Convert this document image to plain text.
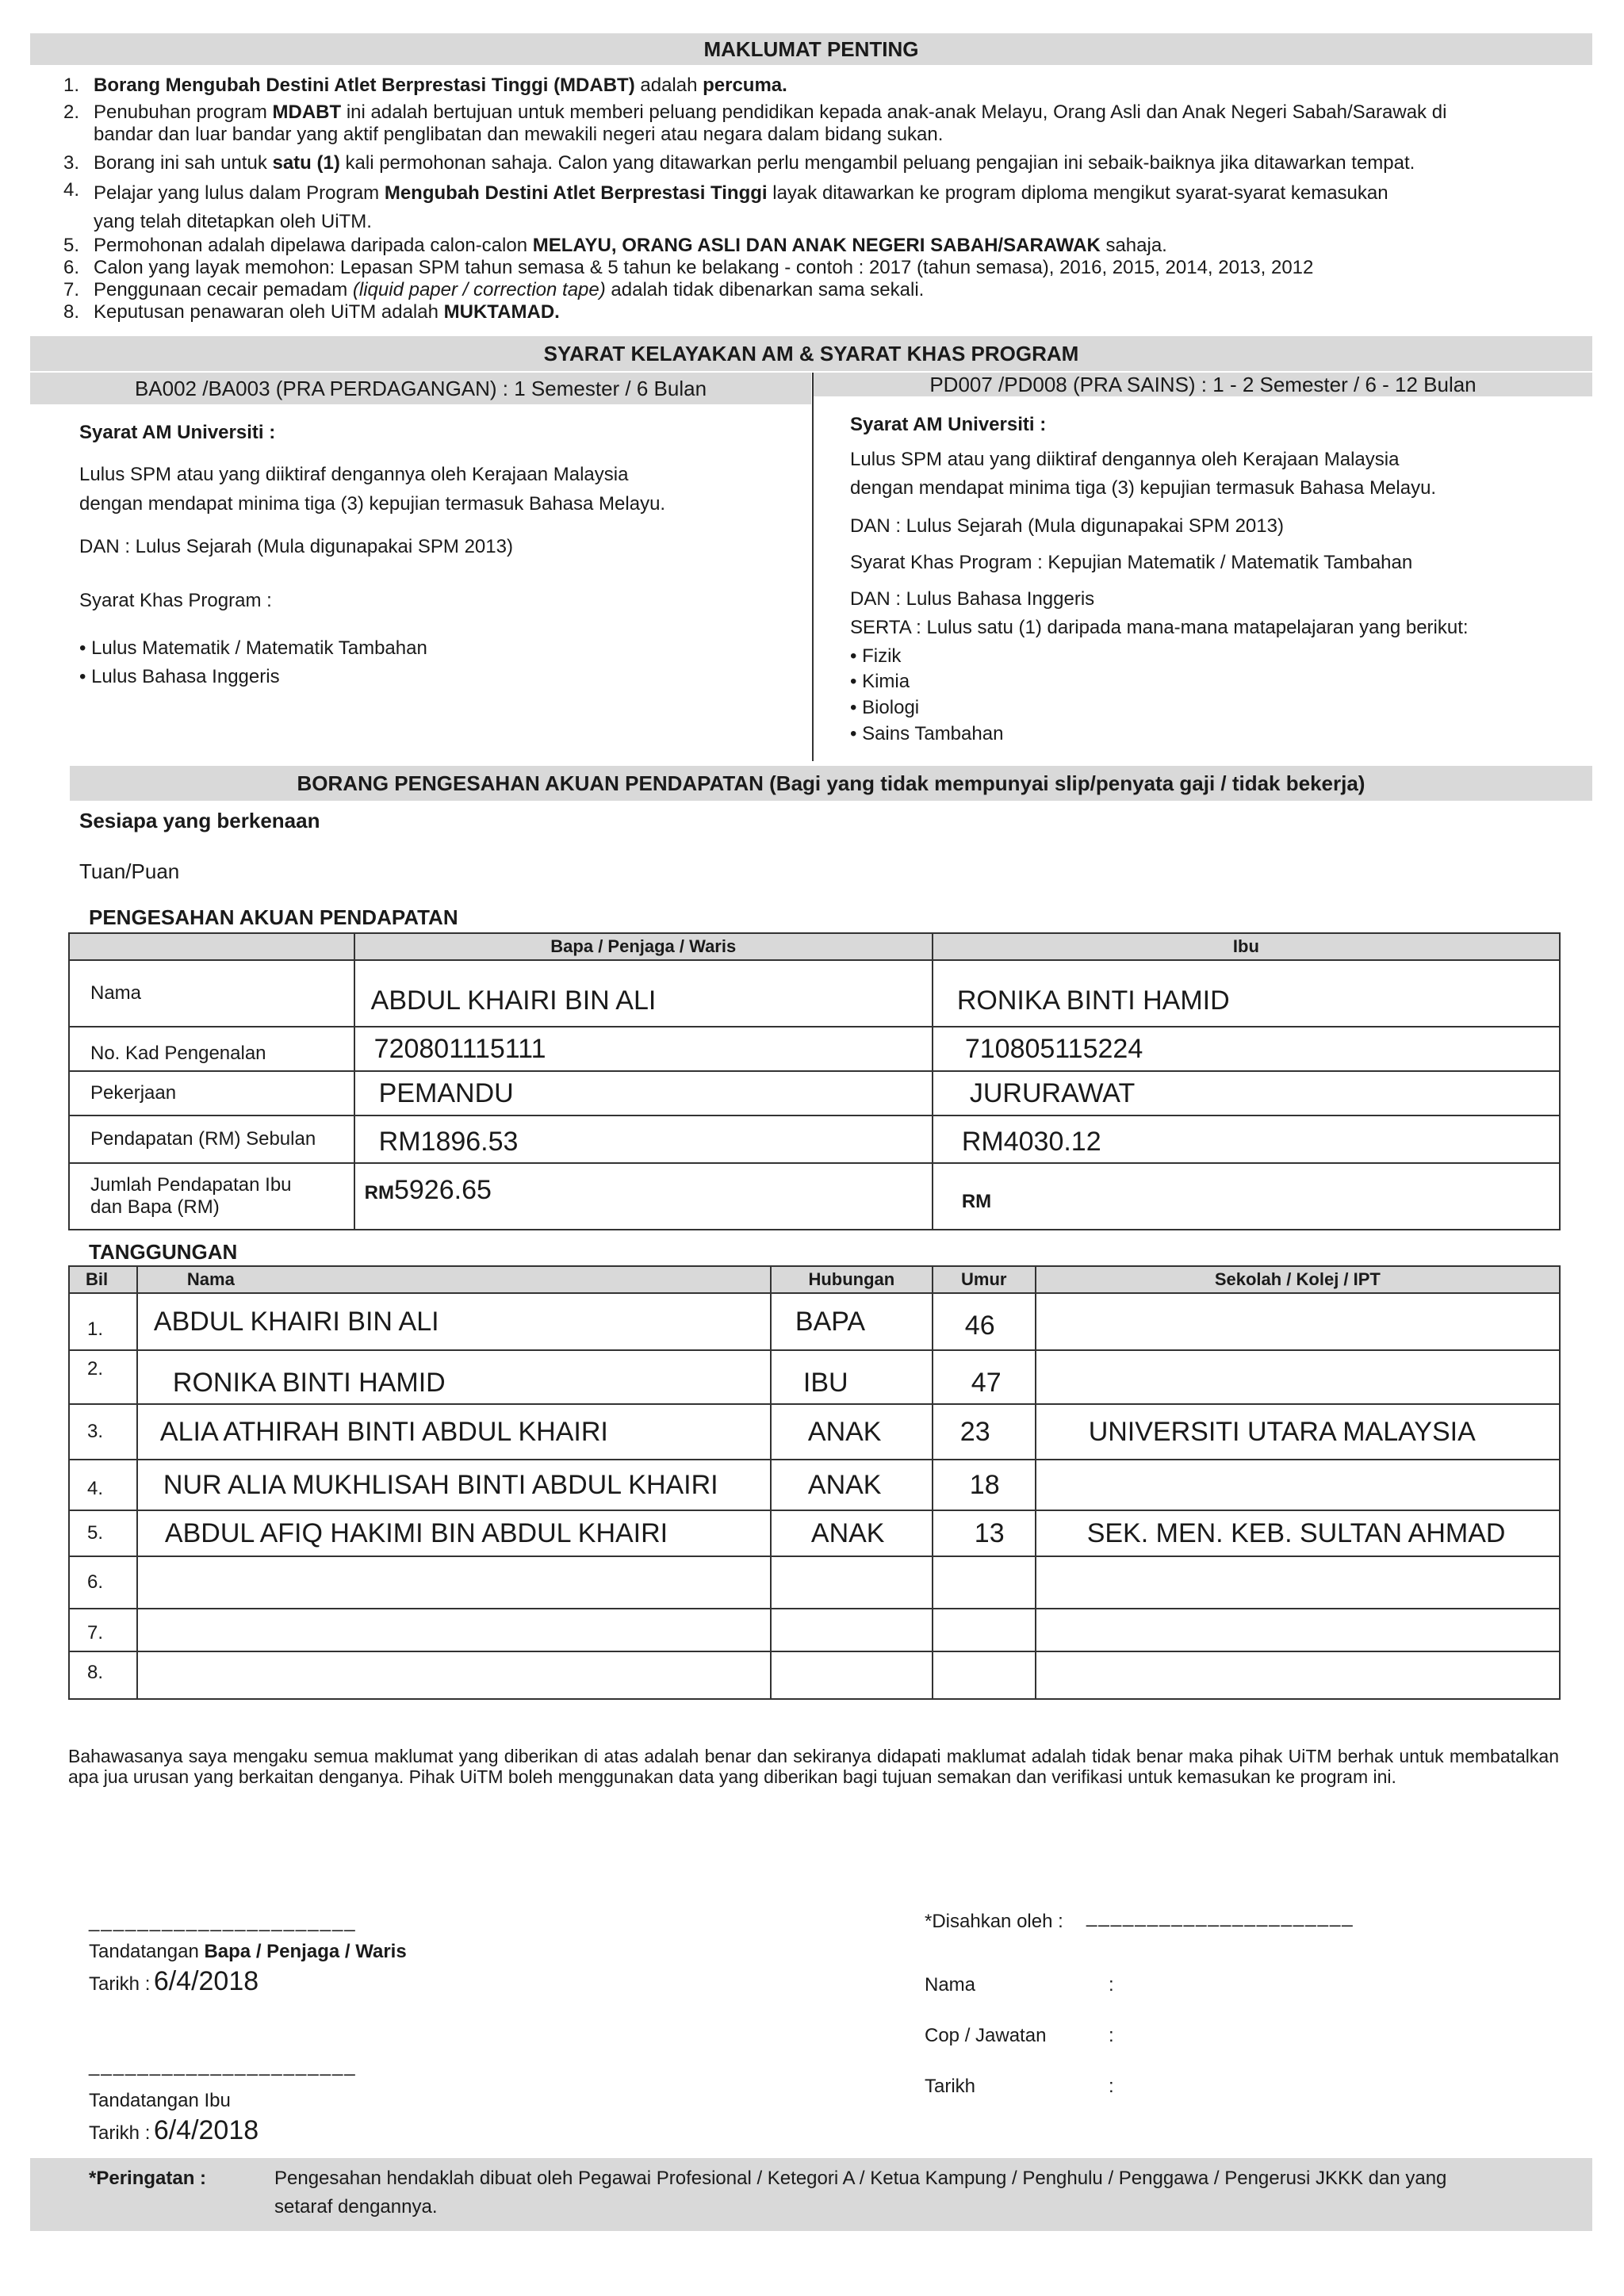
MAKLUMAT PENTING
1. Borang Mengubah Destini Atlet Berprestasi Tinggi (MDABT) adalah percuma.
2. Penubuhan program MDABT ini adalah bertujuan untuk memberi peluang pendidikan kepada anak-anak Melayu, Orang Asli dan Anak Negeri Sabah/Sarawak di
bandar dan luar bandar yang aktif penglibatan dan mewakili negeri atau negara dalam bidang sukan.
3. Borang ini sah untuk satu (1) kali permohonan sahaja. Calon yang ditawarkan perlu mengambil peluang pengajian ini sebaik-baiknya jika ditawarkan tempat.
4. Pelajar yang lulus dalam Program Mengubah Destini Atlet Berprestasi Tinggi layak ditawarkan ke program diploma mengikut syarat-syarat kemasukan
yang telah ditetapkan oleh UiTM.
5. Permohonan adalah dipelawa daripada calon-calon MELAYU, ORANG ASLI DAN ANAK NEGERI SABAH/SARAWAK sahaja.
6. Calon yang layak memohon: Lepasan SPM tahun semasa & 5 tahun ke belakang - contoh : 2017 (tahun semasa), 2016, 2015, 2014, 2013, 2012
7. Penggunaan cecair pemadam (liquid paper / correction tape) adalah tidak dibenarkan sama sekali.
8. Keputusan penawaran oleh UiTM adalah MUKTAMAD.
SYARAT KELAYAKAN AM & SYARAT KHAS PROGRAM
BA002 /BA003 (PRA PERDAGANGAN) : 1 Semester / 6 Bulan	PD007 /PD008 (PRA SAINS) : 1 - 2 Semester / 6 - 12 Bulan
Syarat AM Universiti :
Lulus SPM atau yang diiktiraf dengannya oleh Kerajaan Malaysia
dengan mendapat minima tiga (3) kepujian termasuk Bahasa Melayu.
DAN : Lulus Sejarah (Mula digunapakai SPM 2013)
Syarat Khas Program :
• Lulus Matematik / Matematik Tambahan
• Lulus Bahasa Inggeris
Syarat AM Universiti :
Lulus SPM atau yang diiktiraf dengannya oleh Kerajaan Malaysia
dengan mendapat minima tiga (3) kepujian termasuk Bahasa Melayu.
DAN : Lulus Sejarah (Mula digunapakai SPM 2013)
Syarat Khas Program : Kepujian Matematik / Matematik Tambahan
DAN : Lulus Bahasa Inggeris
SERTA : Lulus satu (1) daripada mana-mana matapelajaran yang berikut:
• Fizik
• Kimia
• Biologi
• Sains Tambahan
BORANG PENGESAHAN AKUAN PENDAPATAN (Bagi yang tidak mempunyai slip/penyata gaji / tidak bekerja)
Sesiapa yang berkenaan
Tuan/Puan
PENGESAHAN AKUAN PENDAPATAN
	Bapa / Penjaga / Waris	Ibu
Nama	ABDUL KHAIRI BIN ALI	RONIKA BINTI HAMID
No. Kad Pengenalan	720801115111	710805115224
Pekerjaan	PEMANDU	JURURAWAT
Pendapatan (RM) Sebulan	RM1896.53	RM4030.12
Jumlah Pendapatan Ibu
dan Bapa (RM)	RM5926.65	RM
TANGGUNGAN
Bil	Nama	Hubungan	Umur	Sekolah / Kolej / IPT
1.	ABDUL KHAIRI BIN ALI	BAPA	46	
2.	RONIKA BINTI HAMID	IBU	47	
3.	ALIA ATHIRAH BINTI ABDUL KHAIRI	ANAK	23	UNIVERSITI UTARA MALAYSIA
4.	NUR ALIA MUKHLISAH BINTI ABDUL KHAIRI	ANAK	18	
5.	ABDUL AFIQ HAKIMI BIN ABDUL KHAIRI	ANAK	13	SEK. MEN. KEB. SULTAN AHMAD
6.				
7.				
8.				
Bahawasanya saya mengaku semua maklumat yang diberikan di atas adalah benar dan sekiranya didapati maklumat adalah tidak benar maka pihak UiTM berhak untuk membatalkan apa jua urusan yang berkaitan denganya. Pihak UiTM boleh menggunakan data yang diberikan bagi tujuan semakan dan verifikasi untuk kemasukan ke program ini.
______________________
Tandatangan Bapa / Penjaga / Waris
Tarikh : 6/4/2018
______________________
Tandatangan Ibu
Tarikh : 6/4/2018
*Disahkan oleh : ______________________
Nama	:
Cop / Jawatan	:
Tarikh	:
*Peringatan :	Pengesahan hendaklah dibuat oleh Pegawai Profesional / Ketegori A / Ketua Kampung / Penghulu / Penggawa / Pengerusi JKKK dan yang
setaraf dengannya.
